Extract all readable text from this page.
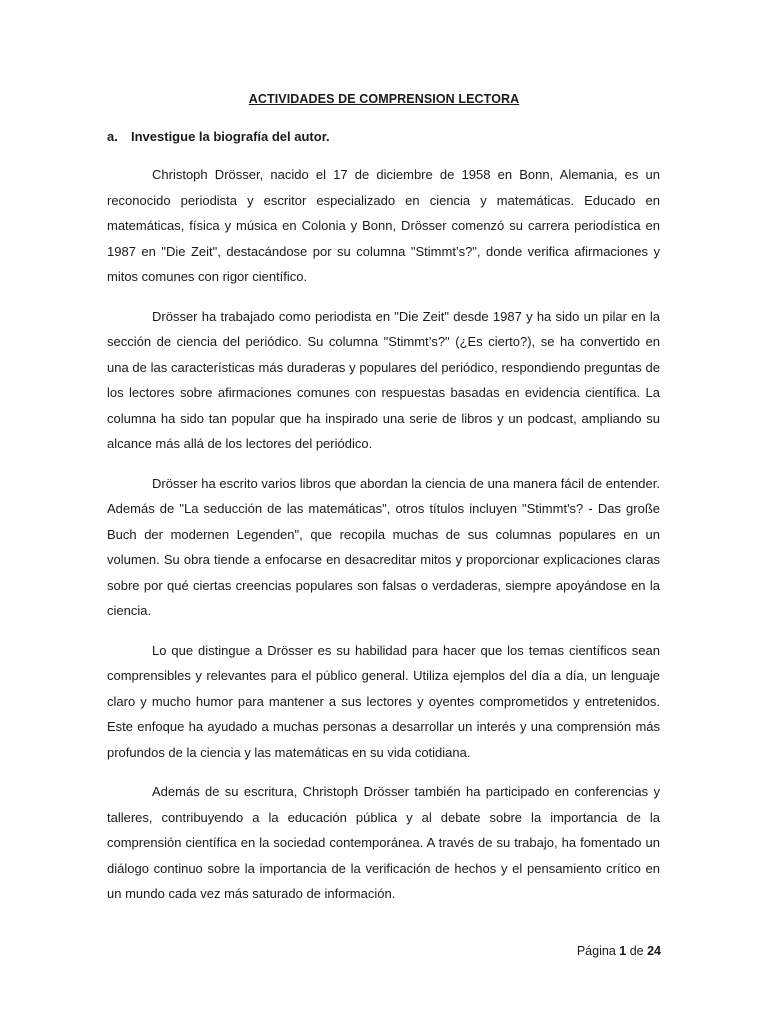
ACTIVIDADES DE COMPRENSION LECTORA
a. Investigue la biografía del autor.

Christoph Drösser, nacido el 17 de diciembre de 1958 en Bonn, Alemania, es un reconocido periodista y escritor especializado en ciencia y matemáticas. Educado en matemáticas, física y música en Colonia y Bonn, Drösser comenzó su carrera periodística en 1987 en "Die Zeit", destacándose por su columna "Stimmt’s?", donde verifica afirmaciones y mitos comunes con rigor científico.

Drösser ha trabajado como periodista en "Die Zeit" desde 1987 y ha sido un pilar en la sección de ciencia del periódico. Su columna "Stimmt’s?" (¿Es cierto?), se ha convertido en una de las características más duraderas y populares del periódico, respondiendo preguntas de los lectores sobre afirmaciones comunes con respuestas basadas en evidencia científica. La columna ha sido tan popular que ha inspirado una serie de libros y un podcast, ampliando su alcance más allá de los lectores del periódico.

Drösser ha escrito varios libros que abordan la ciencia de una manera fácil de entender. Además de "La seducción de las matemáticas", otros títulos incluyen "Stimmt's? - Das große Buch der modernen Legenden", que recopila muchas de sus columnas populares en un volumen. Su obra tiende a enfocarse en desacreditar mitos y proporcionar explicaciones claras sobre por qué ciertas creencias populares son falsas o verdaderas, siempre apoyándose en la ciencia.

Lo que distingue a Drösser es su habilidad para hacer que los temas científicos sean comprensibles y relevantes para el público general. Utiliza ejemplos del día a día, un lenguaje claro y mucho humor para mantener a sus lectores y oyentes comprometidos y entretenidos. Este enfoque ha ayudado a muchas personas a desarrollar un interés y una comprensión más profundos de la ciencia y las matemáticas en su vida cotidiana.

Además de su escritura, Christoph Drösser también ha participado en conferencias y talleres, contribuyendo a la educación pública y al debate sobre la importancia de la comprensión científica en la sociedad contemporánea. A través de su trabajo, ha fomentado un diálogo continuo sobre la importancia de la verificación de hechos y el pensamiento crítico en un mundo cada vez más saturado de información.

Página 1 de 24
